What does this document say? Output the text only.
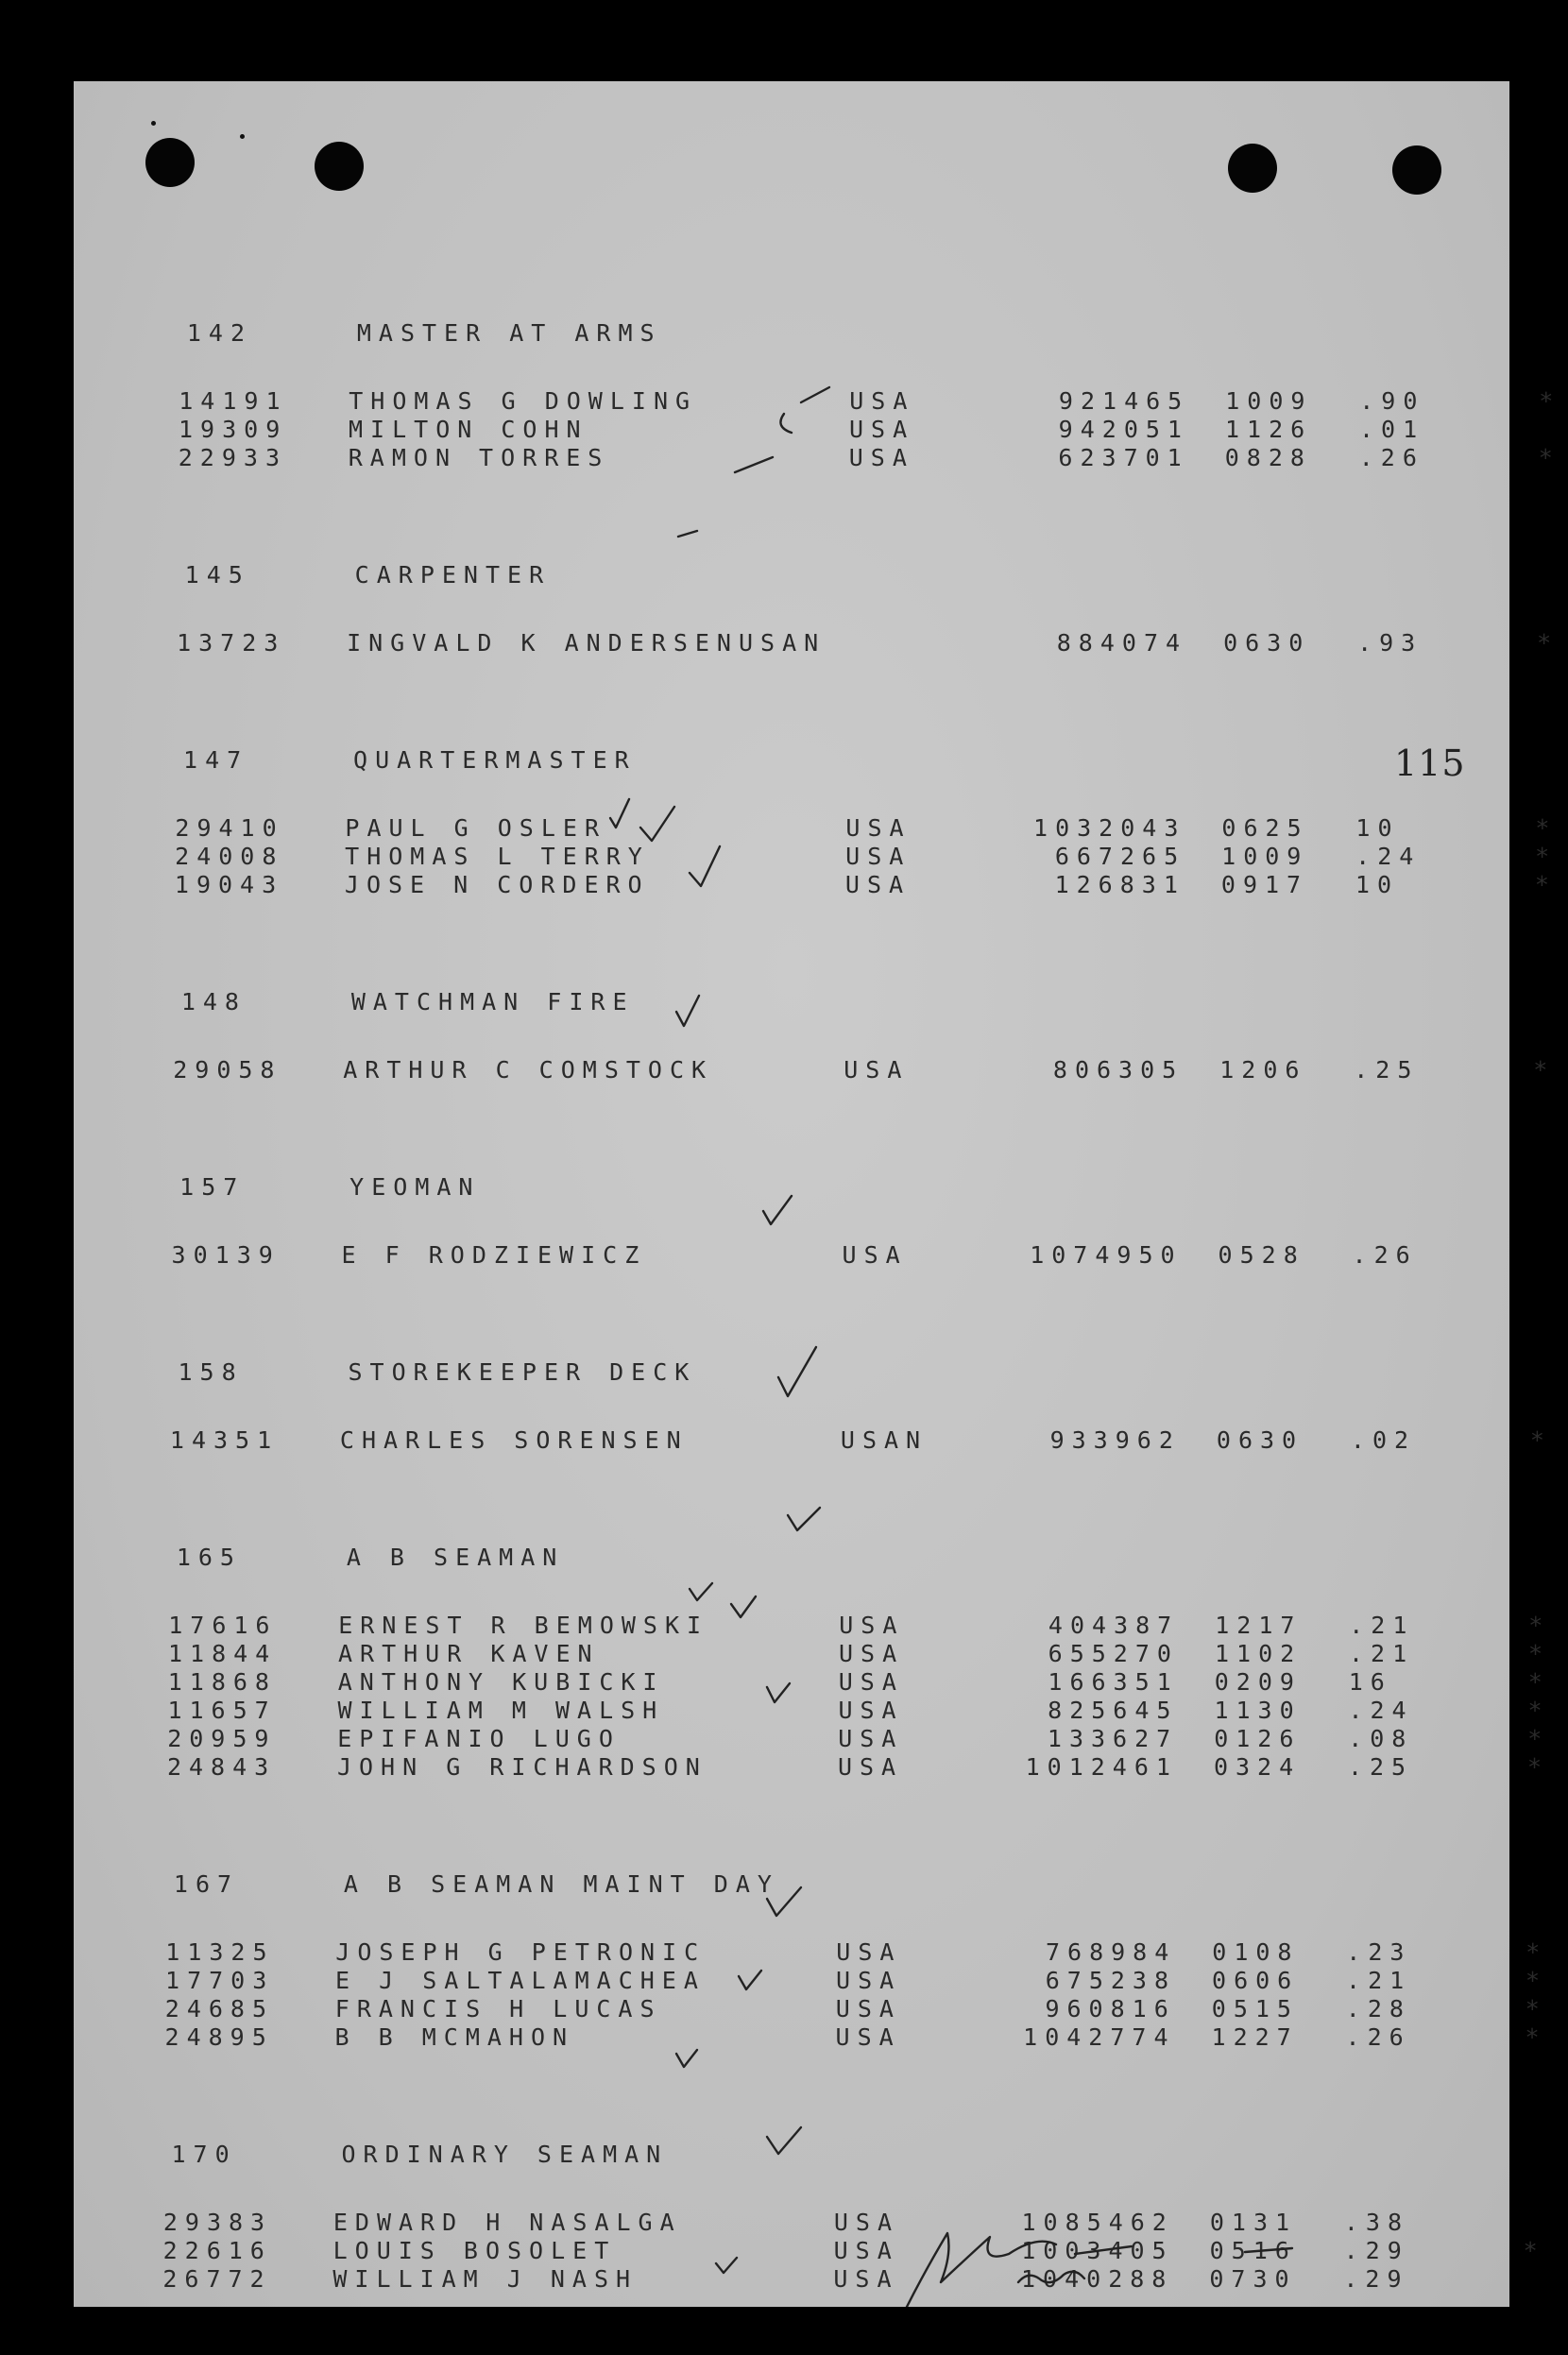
115
142	MASTER AT ARMS
14191	THOMAS G DOWLING	USA	921465 1009 .90	*
19309	MILTON COHN	USA	942051 1126 .01
22933	RAMON TORRES	USA	623701 0828 .26	*
145	CARPENTER
13723	INGVALD K ANDERSENUSAN	884074 0630 .93	*
147	QUARTERMASTER
29410	PAUL G OSLER	USA	1032043 0625 10	*
24008	THOMAS L TERRY	USA	667265 1009 .24	*
19043	JOSE N CORDERO	USA	126831 0917 10	*
148	WATCHMAN FIRE
29058	ARTHUR C COMSTOCK	USA	806305 1206 .25	*
157	YEOMAN
30139	E F RODZIEWICZ	USA	1074950 0528 .26
158	STOREKEEPER DECK
14351	CHARLES SORENSEN	USAN	933962 0630 .02	*
165	A B SEAMAN
17616	ERNEST R BEMOWSKI	USA	404387 1217 .21	*
11844	ARTHUR KAVEN	USA	655270 1102 .21	*
11868	ANTHONY KUBICKI	USA	166351 0209 16	*
11657	WILLIAM M WALSH	USA	825645 1130 .24	*
20959	EPIFANIO LUGO	USA	133627 0126 .08	*
24843	JOHN G RICHARDSON	USA	1012461 0324 .25	*
167	A B SEAMAN MAINT DAY
11325	JOSEPH G PETRONIC	USA	768984 0108 .23	*
17703	E J SALTALAMACHEA	USA	675238 0606 .21	*
24685	FRANCIS H LUCAS	USA	960816 0515 .28	*
24895	B B MCMAHON	USA	1042774 1227 .26	*
170	ORDINARY SEAMAN
29383	EDWARD H NASALGA	USA	1085462 0131 .38
22616	LOUIS BOSOLET	USA	1003405 0516 .29	*
26772	WILLIAM J NASH	USA	1040288 0730 .29
